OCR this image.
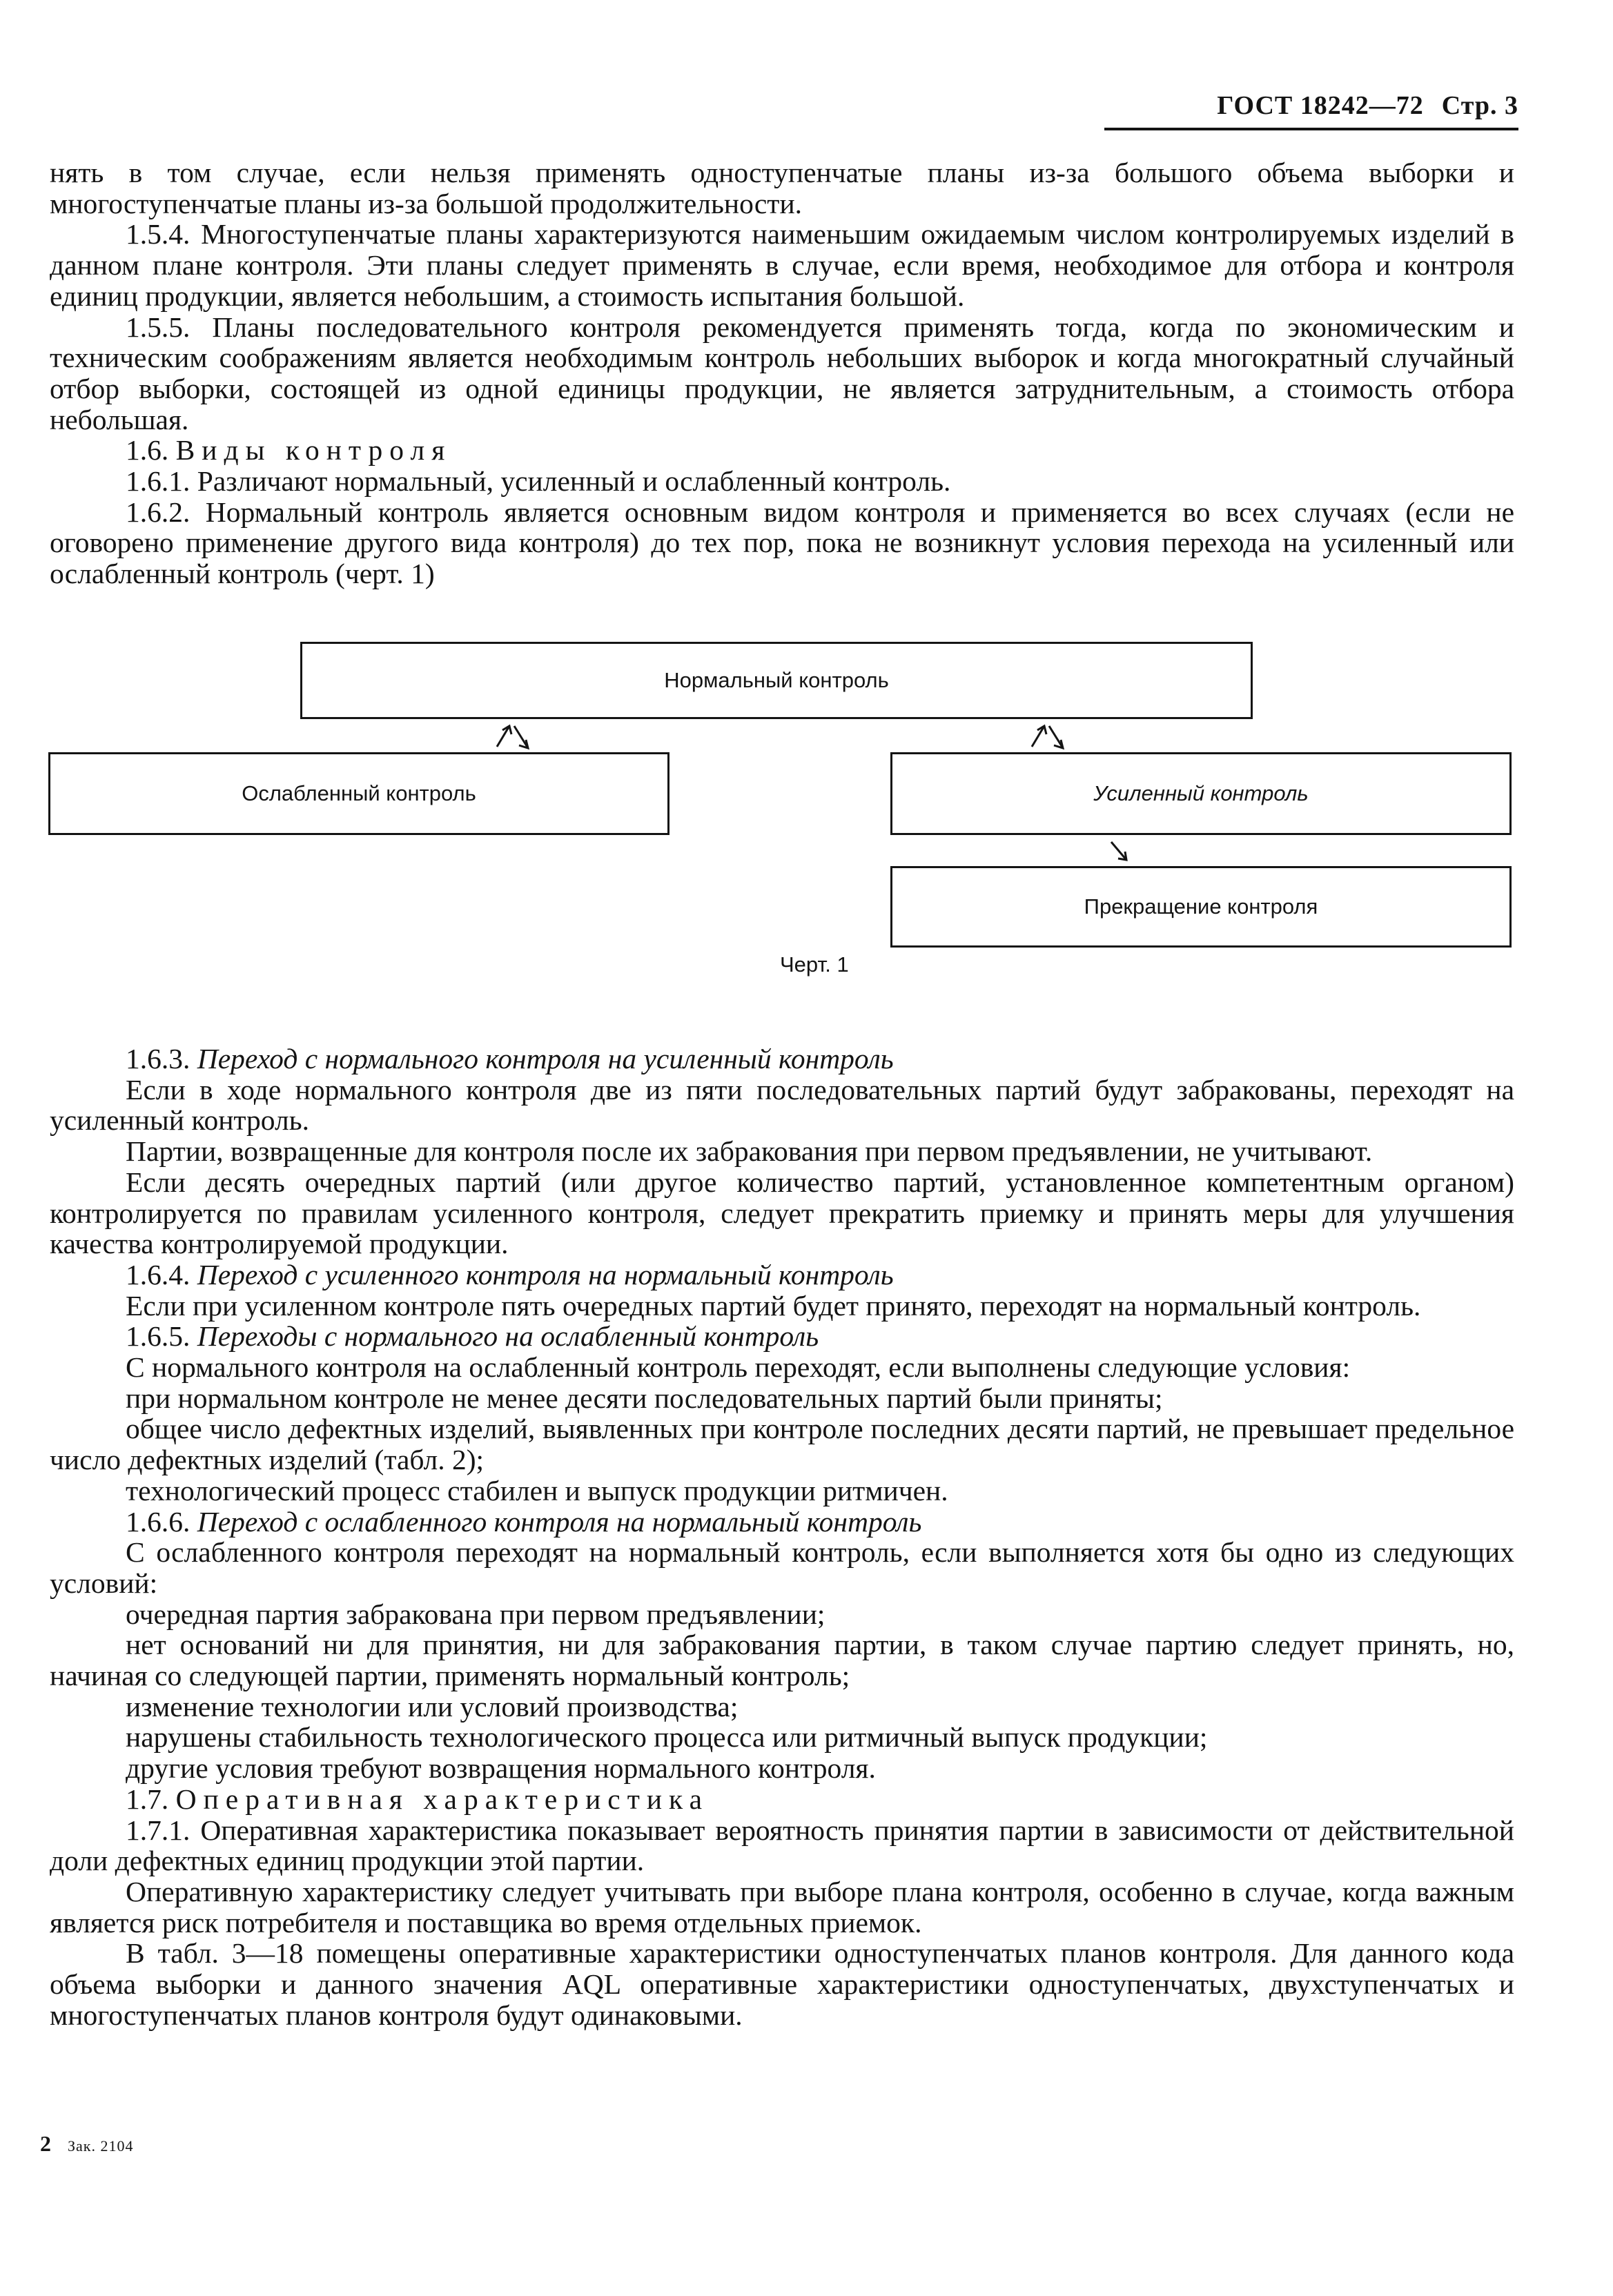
ГОСТ 18242—72 Стр. 3

нять в том случае, если нельзя применять одноступенчатые планы из-за большого объема выборки и многоступенчатые планы из-за большой продолжительности.

1.5.4. Многоступенчатые планы характеризуются наименьшим ожидаемым числом контролируемых изделий в данном плане контроля. Эти планы следует применять в случае, если время, необходимое для отбора и контроля единиц продукции, является небольшим, а стоимость испытания большой.

1.5.5. Планы последовательного контроля рекомендуется применять тогда, когда по экономическим и техническим соображениям является необходимым контроль небольших выборок и когда многократный случайный отбор выборки, состоящей из одной единицы продукции, не является затруднительным, а стоимость отбора небольшая.

1.6. Виды контроля

1.6.1. Различают нормальный, усиленный и ослабленный контроль.

1.6.2. Нормальный контроль является основным видом контроля и применяется во всех случаях (если не оговорено применение другого вида контроля) до тех пор, пока не возникнут условия перехода на усиленный или ослабленный контроль (черт. 1)

Нормальный контроль
Ослабленный контроль	Усиленный контроль
Прекращение контроля
Черт. 1

1.6.3. Переход с нормального контроля на усиленный контроль

Если в ходе нормального контроля две из пяти последовательных партий будут забракованы, переходят на усиленный контроль.

Партии, возвращенные для контроля после их забракования при первом предъявлении, не учитывают.

Если десять очередных партий (или другое количество партий, установленное компетентным органом) контролируется по правилам усиленного контроля, следует прекратить приемку и принять меры для улучшения качества контролируемой продукции.

1.6.4. Переход с усиленного контроля на нормальный контроль

Если при усиленном контроле пять очередных партий будет принято, переходят на нормальный контроль.

1.6.5. Переходы с нормального на ослабленный контроль

С нормального контроля на ослабленный контроль переходят, если выполнены следующие условия:

при нормальном контроле не менее десяти последовательных партий были приняты;

общее число дефектных изделий, выявленных при контроле последних десяти партий, не превышает предельное число дефектных изделий (табл. 2);

технологический процесс стабилен и выпуск продукции ритмичен.

1.6.6. Переход с ослабленного контроля на нормальный контроль

С ослабленного контроля переходят на нормальный контроль, если выполняется хотя бы одно из следующих условий:

очередная партия забракована при первом предъявлении;

нет оснований ни для принятия, ни для забракования партии, в таком случае партию следует принять, но, начиная со следующей партии, применять нормальный контроль;

изменение технологии или условий производства;

нарушены стабильность технологического процесса или ритмичный выпуск продукции;

другие условия требуют возвращения нормального контроля.

1.7. Оперативная характеристика

1.7.1. Оперативная характеристика показывает вероятность принятия партии в зависимости от действительной доли дефектных единиц продукции этой партии.

Оперативную характеристику следует учитывать при выборе плана контроля, особенно в случае, когда важным является риск потребителя и поставщика во время отдельных приемок.

В табл. 3—18 помещены оперативные характеристики одноступенчатых планов контроля. Для данного кода объема выборки и данного значения AQL оперативные характеристики одноступенчатых, двухступенчатых и многоступенчатых планов контроля будут одинаковыми.

2 Зак. 2104
